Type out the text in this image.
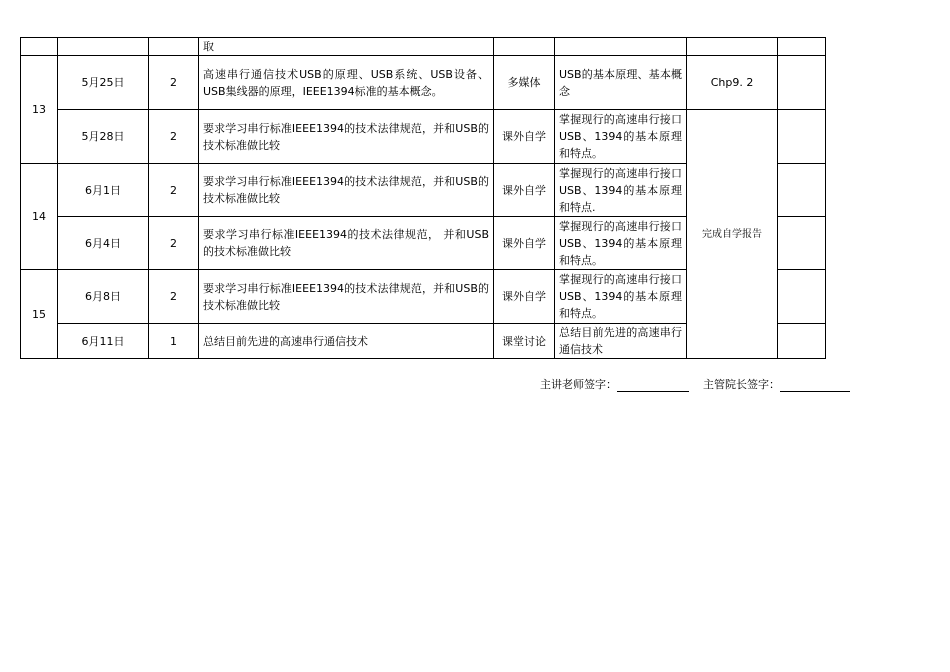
			取				
13	5月25日	2	高速串行通信技术USB的原理、USB系统、USB设备、USB集线器的原理，IEEE1394标准的基本概念。	多媒体	USB的基本原理、基本概念	Chp9. 2	
	5月28日	2	要求学习串行标准IEEE1394的技术法律规范，并和USB的技术标准做比较	课外自学	掌握现行的高速串行接口USB、1394的基本原理和特点。	完成自学报告	
14	6月1日	2	要求学习串行标准IEEE1394的技术法律规范，并和USB的技术标准做比较	课外自学	掌握现行的高速串行接口USB、1394的基本原理和特点.		
	6月4日	2	要求学习串行标准IEEE1394的技术法律规范， 并和USB的技术标准做比较	课外自学	掌握现行的高速串行接口USB、1394的基本原理和特点。		
15	6月8日	2	要求学习串行标准IEEE1394的技术法律规范，并和USB的技术标准做比较	课外自学	掌握现行的高速串行接口USB、1394的基本原理和特点。		
	6月11日	1	总结目前先进的高速串行通信技术	课堂讨论	总结目前先进的高速串行通信技术		
主讲老师签字：	主管院长签字：
